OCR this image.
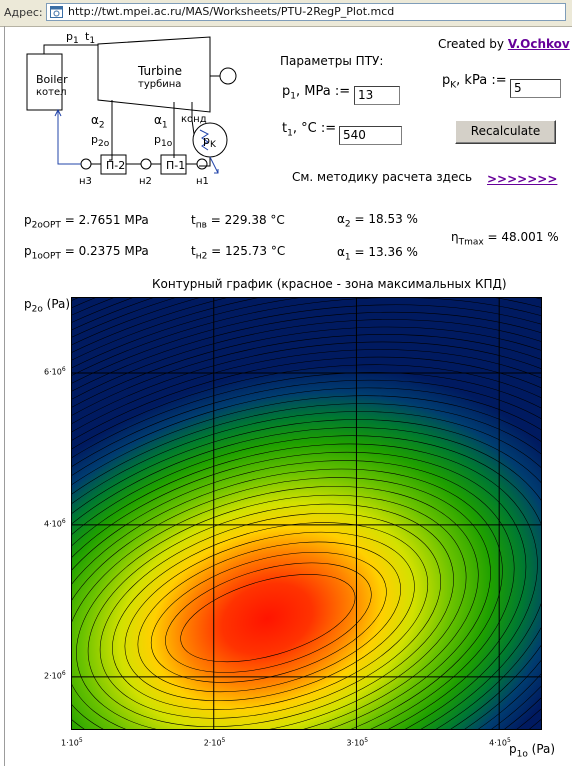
Адрес: http://twt.mpei.ac.ru/MAS/Worksheets/PTU-2RegP_Plot.mcd
Boiler
котел
Turbine
турбина
$p_1$ $t_1$
$\alpha_2$
$p_{2o}$
$\alpha_1$
$p_{1o}$
конд
$p_K$
П-2	П-1
н3	н2	н1
Created by V.Ochkov
Параметры ПТУ:
$p_1$, MPa := 13
$t_1$, °C := 540
$p_K$, kPa := 5
Recalculate
См. методику расчета здесь >>>>>>>
$p_{2oOPT} = 2.7651$ MPa
$p_{1oOPT} = 0.2375$ MPa
$t_{пв} = 229.38$ °C
$t_{н2} = 125.73$ °C
$\alpha_2 = 18.53$ %
$\alpha_1 = 13.36$ %
$\eta_{Tmax} = 48.001$ %
Контурный график (красное - зона максимальных КПД)
$p_{2o}$ (Pa)
$p_{1o}$ (Pa)
$1\cdot 10^5$	$2\cdot 10^5$	$3\cdot 10^5$	$4\cdot 10^5$
$2\cdot 10^6$
$4\cdot 10^6$
$6\cdot 10^6$
